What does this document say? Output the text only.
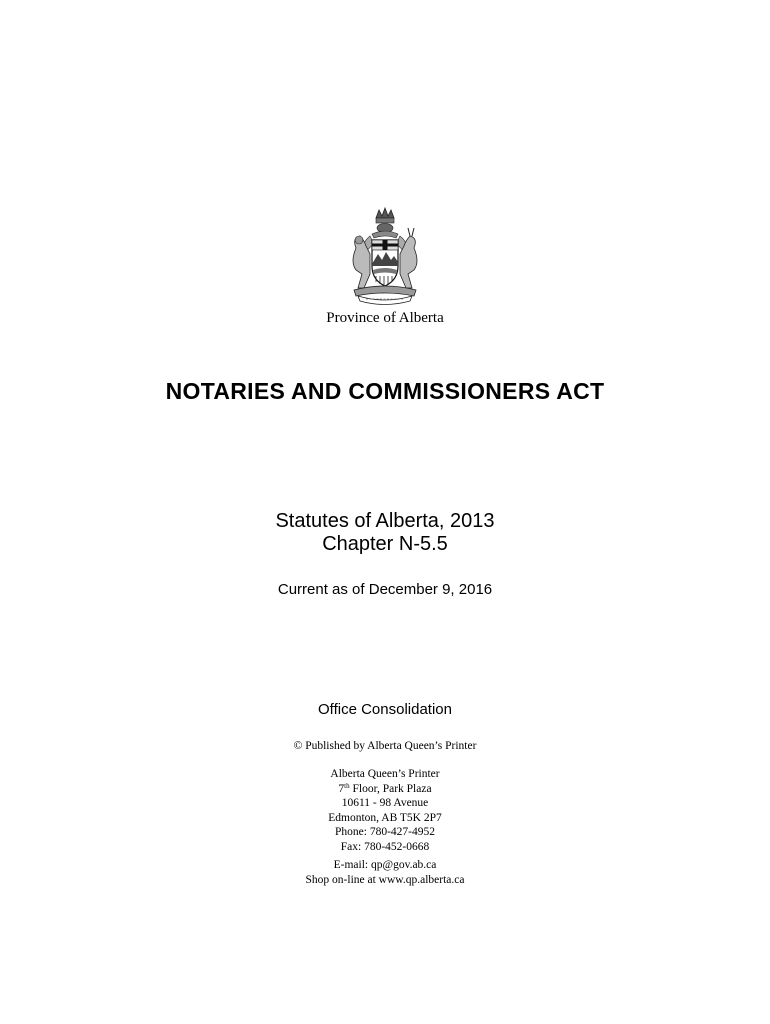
Province of Alberta
NOTARIES AND COMMISSIONERS ACT
Statutes of Alberta, 2013
Chapter N-5.5
Current as of December 9, 2016
Office Consolidation
© Published by Alberta Queen’s Printer
Alberta Queen’s Printer
7th Floor, Park Plaza
10611 - 98 Avenue
Edmonton, AB T5K 2P7
Phone: 780-427-4952
Fax: 780-452-0668
E-mail: qp@gov.ab.ca
Shop on-line at www.qp.alberta.ca
